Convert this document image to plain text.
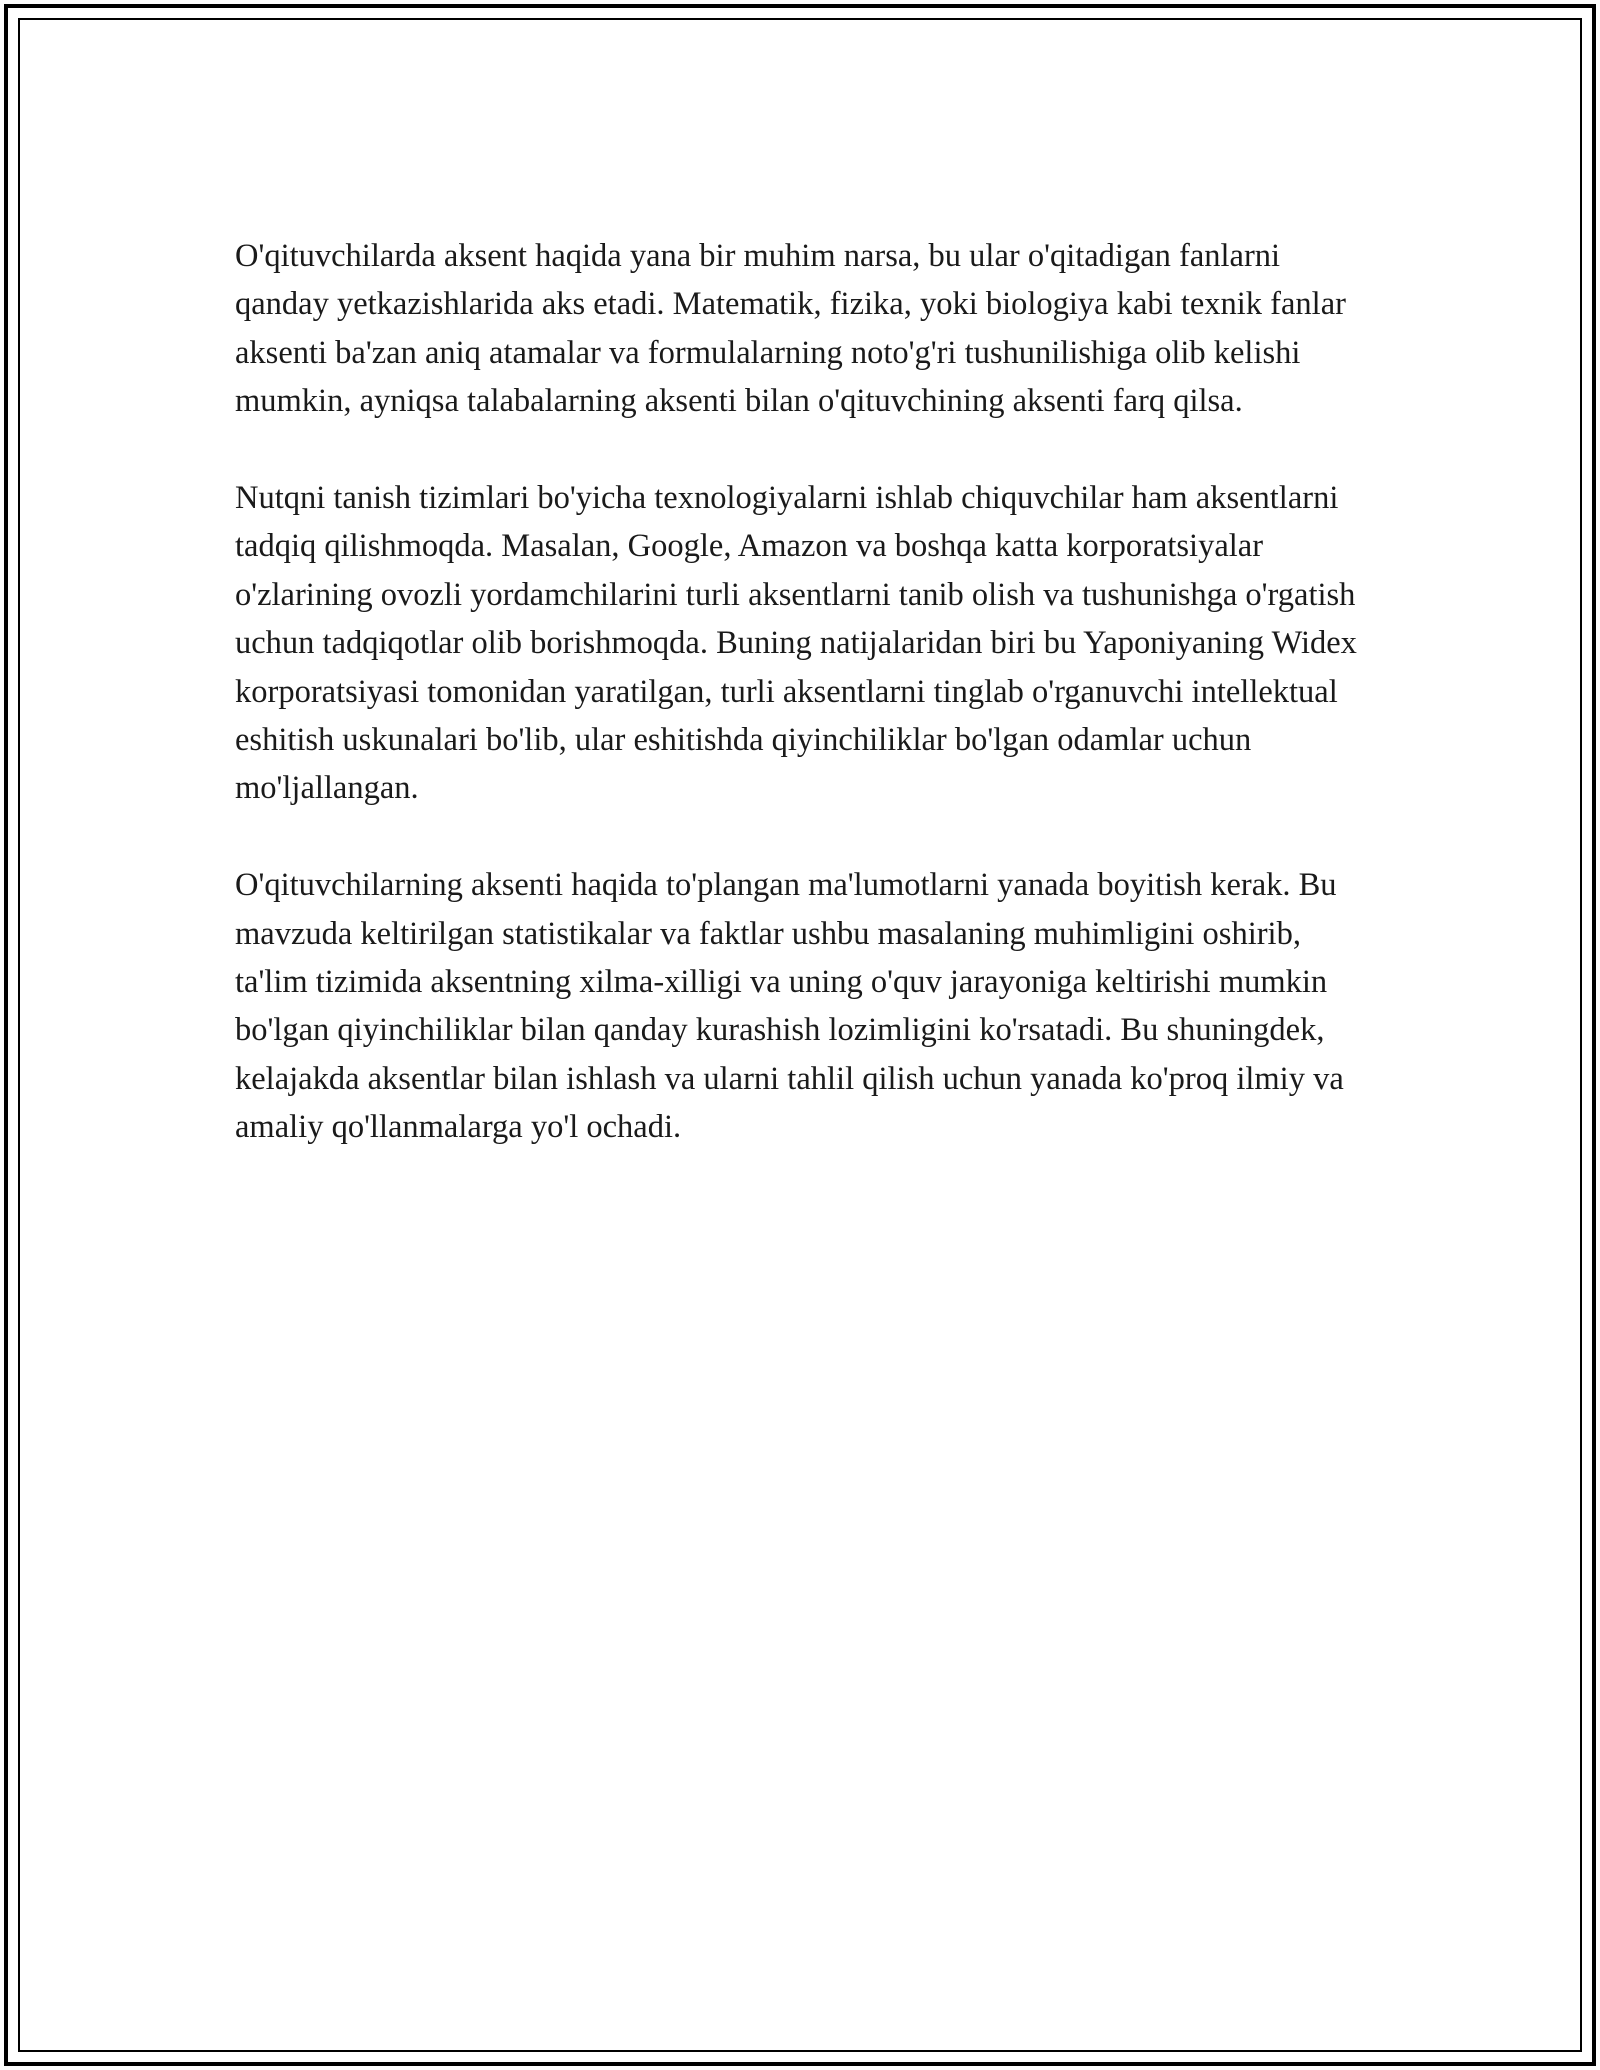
O'qituvchilarda aksent haqida yana bir muhim narsa, bu ular o'qitadigan fanlarni qanday yetkazishlarida aks etadi. Matematik, fizika, yoki biologiya kabi texnik fanlar aksenti ba'zan aniq atamalar va formulalarning noto'g'ri tushunilishiga olib kelishi mumkin, ayniqsa talabalarning aksenti bilan o'qituvchining aksenti farq qilsa.

Nutqni tanish tizimlari bo'yicha texnologiyalarni ishlab chiquvchilar ham aksentlarni tadqiq qilishmoqda. Masalan, Google, Amazon va boshqa katta korporatsiyalar o'zlarining ovozli yordamchilarini turli aksentlarni tanib olish va tushunishga o'rgatish uchun tadqiqotlar olib borishmoqda. Buning natijalaridan biri bu Yaponiyaning Widex korporatsiyasi tomonidan yaratilgan, turli aksentlarni tinglab o'rganuvchi intellektual eshitish uskunalari bo'lib, ular eshitishda qiyinchiliklar bo'lgan odamlar uchun mo'ljallangan.

O'qituvchilarning aksenti haqida to'plangan ma'lumotlarni yanada boyitish kerak. Bu mavzuda keltirilgan statistikalar va faktlar ushbu masalaning muhimligini oshirib, ta'lim tizimida aksentning xilma-xilligi va uning o'quv jarayoniga keltirishi mumkin bo'lgan qiyinchiliklar bilan qanday kurashish lozimligini ko'rsatadi. Bu shuningdek, kelajakda aksentlar bilan ishlash va ularni tahlil qilish uchun yanada ko'proq ilmiy va amaliy qo'llanmalarga yo'l ochadi.
